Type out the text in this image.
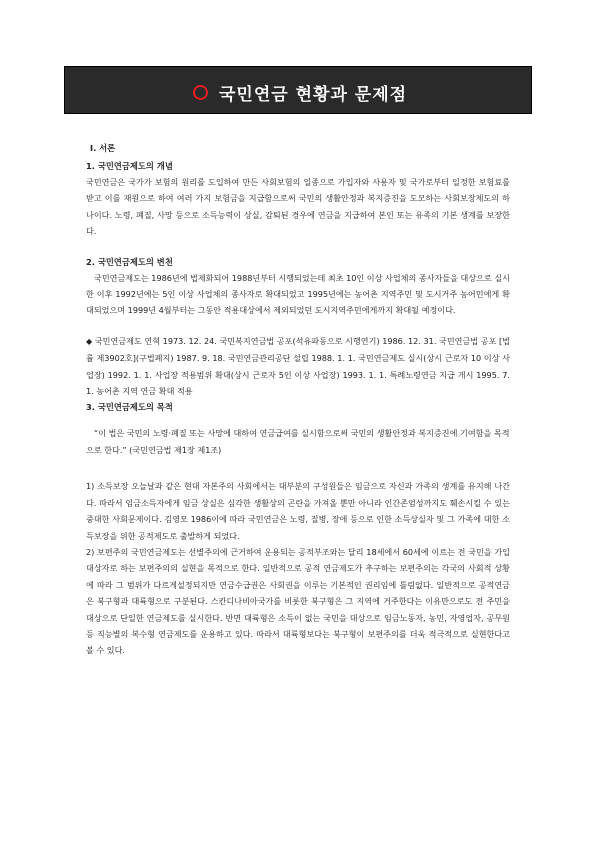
국민연금 현황과 문제점

Ⅰ. 서론

1. 국민연금제도의 개념

국민연금은 국가가 보험의 원리를 도입하여 만든 사회보험의 일종으로 가입자와 사용자 및 국가로부터 일정한 보험료를 받고 이를 재원으로 하여 여러 가지 보험금을 지급함으로써 국민의 생활안정과 복지증진을 도모하는 사회보장제도의 하나이다. 노령, 폐질, 사망 등으로 소득능력이 상실, 감퇴된 경우에 연금을 지급하여 본인 또는 유족의 기본 생계를 보장한다.

2. 국민연금제도의 변천

국민연금제도는 1986년에 법제화되어 1988년부터 시행되었는데 최초 10인 이상 사업체의 종사자들을 대상으로 실시한 이후 1992년에는 5인 이상 사업체의 종사자로 확대되었고 1995년에는 농어촌 지역주민 및 도시거주 농어민에게 확대되었으며 1999년 4월부터는 그동안 적용대상에서 제외되었던 도시지역주민에게까지 확대될 예정이다.

◆ 국민연금제도 연혁 1973. 12. 24. 국민복지연금법 공포(석유파동으로 시행연기) 1986. 12. 31. 국민연금법 공포 [법률 제3902호](구법폐지) 1987. 9. 18. 국민연금관리공단 설립 1988. 1. 1. 국민연금제도 실시(상시 근로자 10 이상 사업장) 1992. 1. 1. 사업장 적용범위 확대(상시 근로자 5인 이상 사업장) 1993. 1. 1. 특례노령연금 지급 개시 1995. 7. 1. 농어촌 지역 연금 확대 적용

3. 국민연금제도의 목적

“이 법은 국민의 노령·폐질 또는 사망에 대하여 연금급여를 실시함으로써 국민의 생활안정과 복지증진에 기여함을 목적으로 한다.” (국민연금법 제1장 제1조)

1) 소득보장 오늘날과 같은 현대 자본주의 사회에서는 대부분의 구성원들은 임금으로 자신과 가족의 생계를 유지해 나간다. 따라서 임금소득자에게 임금 상실은 심각한 생활상의 곤란을 가져올 뿐만 아니라 인간존엄성까지도 훼손시킬 수 있는 중대한 사회문제이다. 김영모 1986이에 따라 국민연금은 노령, 질병, 장애 등으로 인한 소득상실자 및 그 가족에 대한 소득보장을 위한 공적제도로 출발하게 되었다.

2) 보편주의 국민연금제도는 선별주의에 근거하여 운용되는 공적부조와는 달리 18세에서 60세에 이르는 전 국민을 가입대상자로 하는 보편주의의 실현을 목적으로 한다. 일반적으로 공적 연금제도가 추구하는 보편주의는 각국의 사회적 상황에 따라 그 범위가 다르게설정되지만 연금수급권은 사회권을 이루는 기본적인 권리임에 틀림없다. 일반적으로 공적연금은 북구형과 대륙형으로 구분된다. 스칸디나비아국가를 비롯한 북구형은 그 지역에 거주한다는 이유만으로도 전 주민을 대상으로 단일한 연금제도를 실시한다. 반면 대륙형은 소득이 없는 국민을 대상으로 임금노동자, 농민, 자영업자, 공무원 등 직능별의 복수형 연금제도를 운용하고 있다. 따라서 대륙형보다는 북구형이 보편주의를 더욱 적극적으로 실현한다고 볼 수 있다.
